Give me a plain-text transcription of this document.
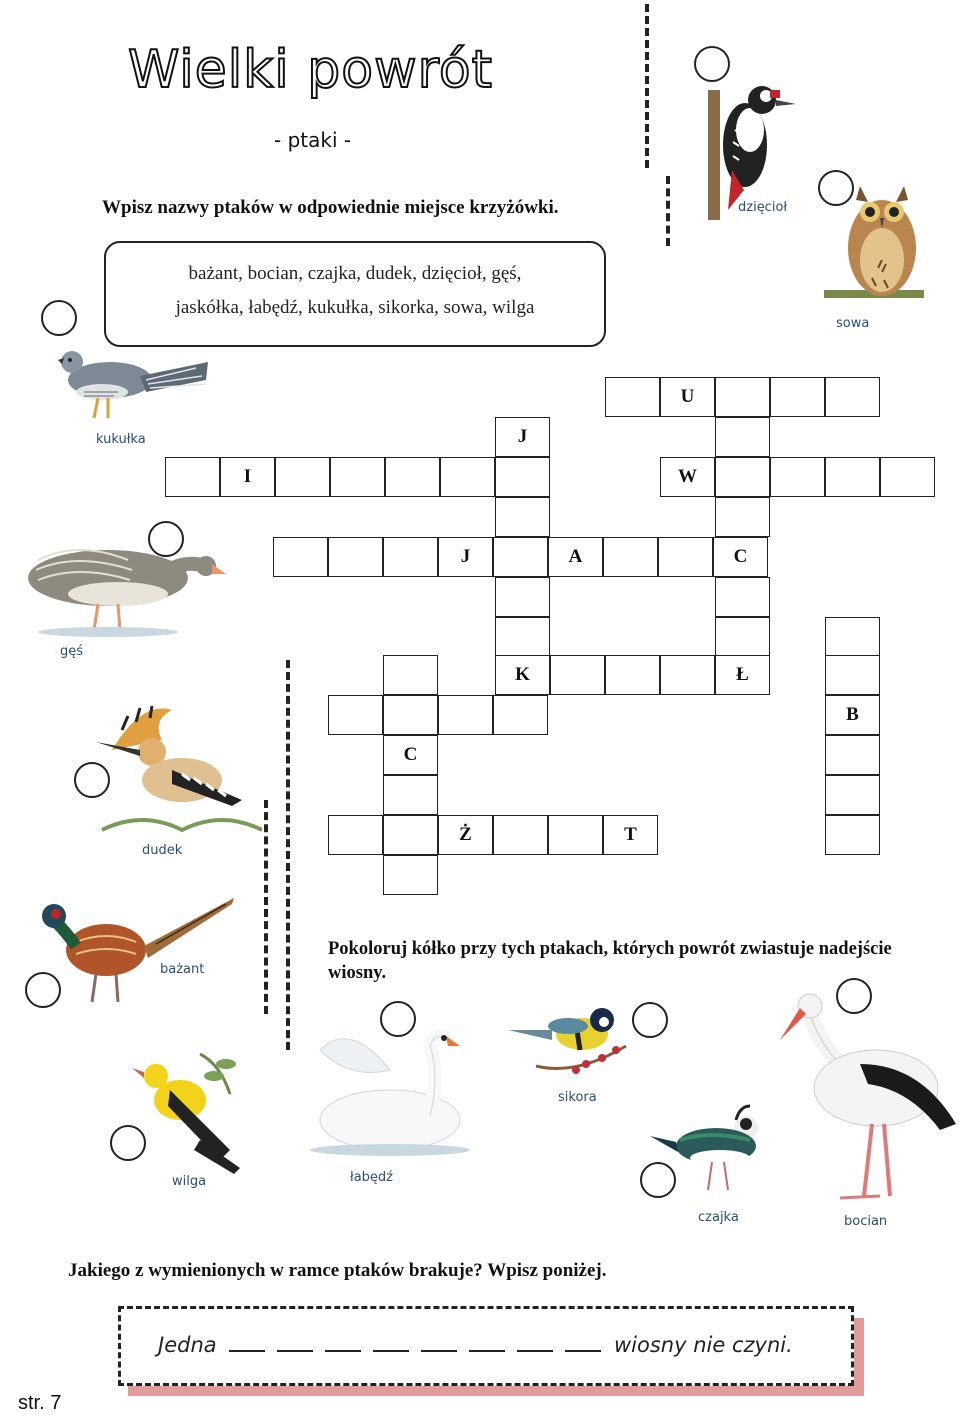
Wielki powrót
- ptaki -
Wpisz nazwy ptaków w odpowiednie miejsce krzyżówki.
bażant, bocian, czajka, dudek, dzięcioł, gęś,
jaskółka, łabędź, kukułka, sikorka, sowa, wilga
dzięcioł
sowa
kukułka
gęś
dudek
bażant
wilga	łabędź
sikora
czajka	bocian
U
J
I	W
J	A	C
K	Ł
B
C
Ż	T
Pokoloruj kółko przy tych ptakach, których powrót zwiastuje nadejście wiosny.
Jakiego z wymienionych w ramce ptaków brakuje? Wpisz poniżej.
Jedna	wiosny nie czyni.
str. 7
